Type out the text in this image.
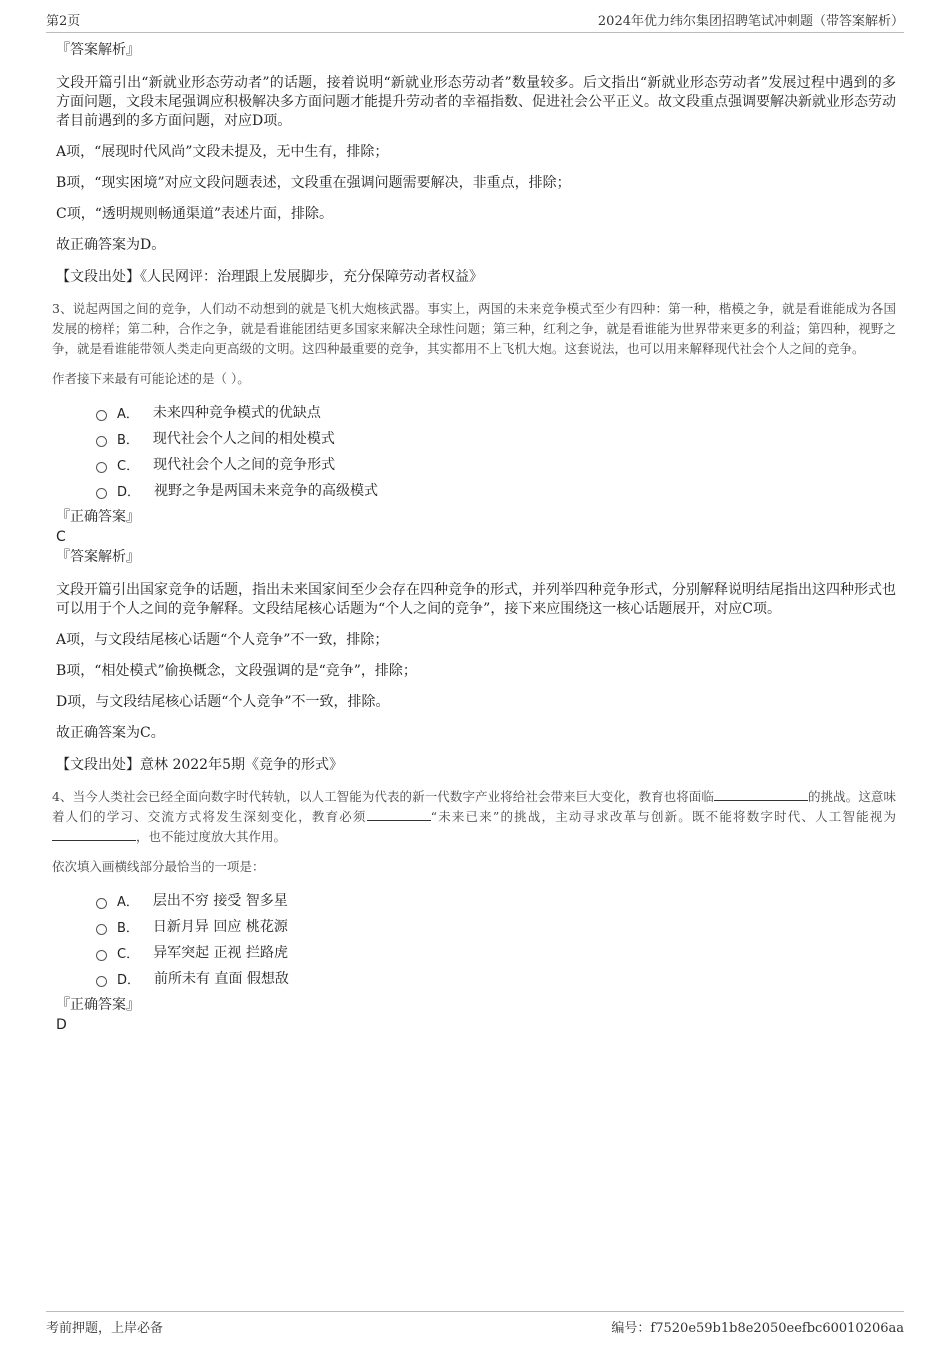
第2页	2024年优力纬尔集团招聘笔试冲刺题（带答案解析）

『答案解析』

文段开篇引出“新就业形态劳动者”的话题，接着说明“新就业形态劳动者”数量较多。后文指出“新就业形态劳动者”发展过程中遇到的多方面问题，文段末尾强调应积极解决多方面问题才能提升劳动者的幸福指数、促进社会公平正义。故文段重点强调要解决新就业形态劳动者目前遇到的多方面问题，对应D项。

A项，“展现时代风尚”文段未提及，无中生有，排除；

B项，“现实困境”对应文段问题表述，文段重在强调问题需要解决，非重点，排除；

C项，“透明规则畅通渠道”表述片面，排除。

故正确答案为D。

【文段出处】《人民网评：治理跟上发展脚步，充分保障劳动者权益》

3、说起两国之间的竞争，人们动不动想到的就是飞机大炮核武器。事实上，两国的未来竞争模式至少有四种：第一种，楷模之争，就是看谁能成为各国发展的榜样；第二种，合作之争，就是看谁能团结更多国家来解决全球性问题；第三种，红利之争，就是看谁能为世界带来更多的利益；第四种，视野之争，就是看谁能带领人类走向更高级的文明。这四种最重要的竞争，其实都用不上飞机大炮。这套说法，也可以用来解释现代社会个人之间的竞争。

作者接下来最有可能论述的是（ ）。

A． 未来四种竞争模式的优缺点
B． 现代社会个人之间的相处模式
C． 现代社会个人之间的竞争形式
D． 视野之争是两国未来竞争的高级模式

『正确答案』

C

『答案解析』

文段开篇引出国家竞争的话题，指出未来国家间至少会存在四种竞争的形式，并列举四种竞争形式，分别解释说明结尾指出这四种形式也可以用于个人之间的竞争解释。文段结尾核心话题为“个人之间的竞争”，接下来应围绕这一核心话题展开，对应C项。

A项，与文段结尾核心话题“个人竞争”不一致，排除；

B项，“相处模式”偷换概念，文段强调的是“竞争”，排除；

D项，与文段结尾核心话题“个人竞争”不一致，排除。

故正确答案为C。

【文段出处】意林 2022年5期《竞争的形式》

4、当今人类社会已经全面向数字时代转轨，以人工智能为代表的新一代数字产业将给社会带来巨大变化，教育也将面临	的挑战。这意味着人们的学习、交流方式将发生深刻变化，教育必须	“未来已来”的挑战，主动寻求改革与创新。既不能将数字时代、人工智能视为，也不能过度放大其作用。

依次填入画横线部分最恰当的一项是：

A． 层出不穷 接受 智多星
B． 日新月异 回应 桃花源
C． 异军突起 正视 拦路虎
D． 前所未有 直面 假想敌

『正确答案』

D

考前押题，上岸必备	编号：f7520e59b1b8e2050eefbc60010206aa
